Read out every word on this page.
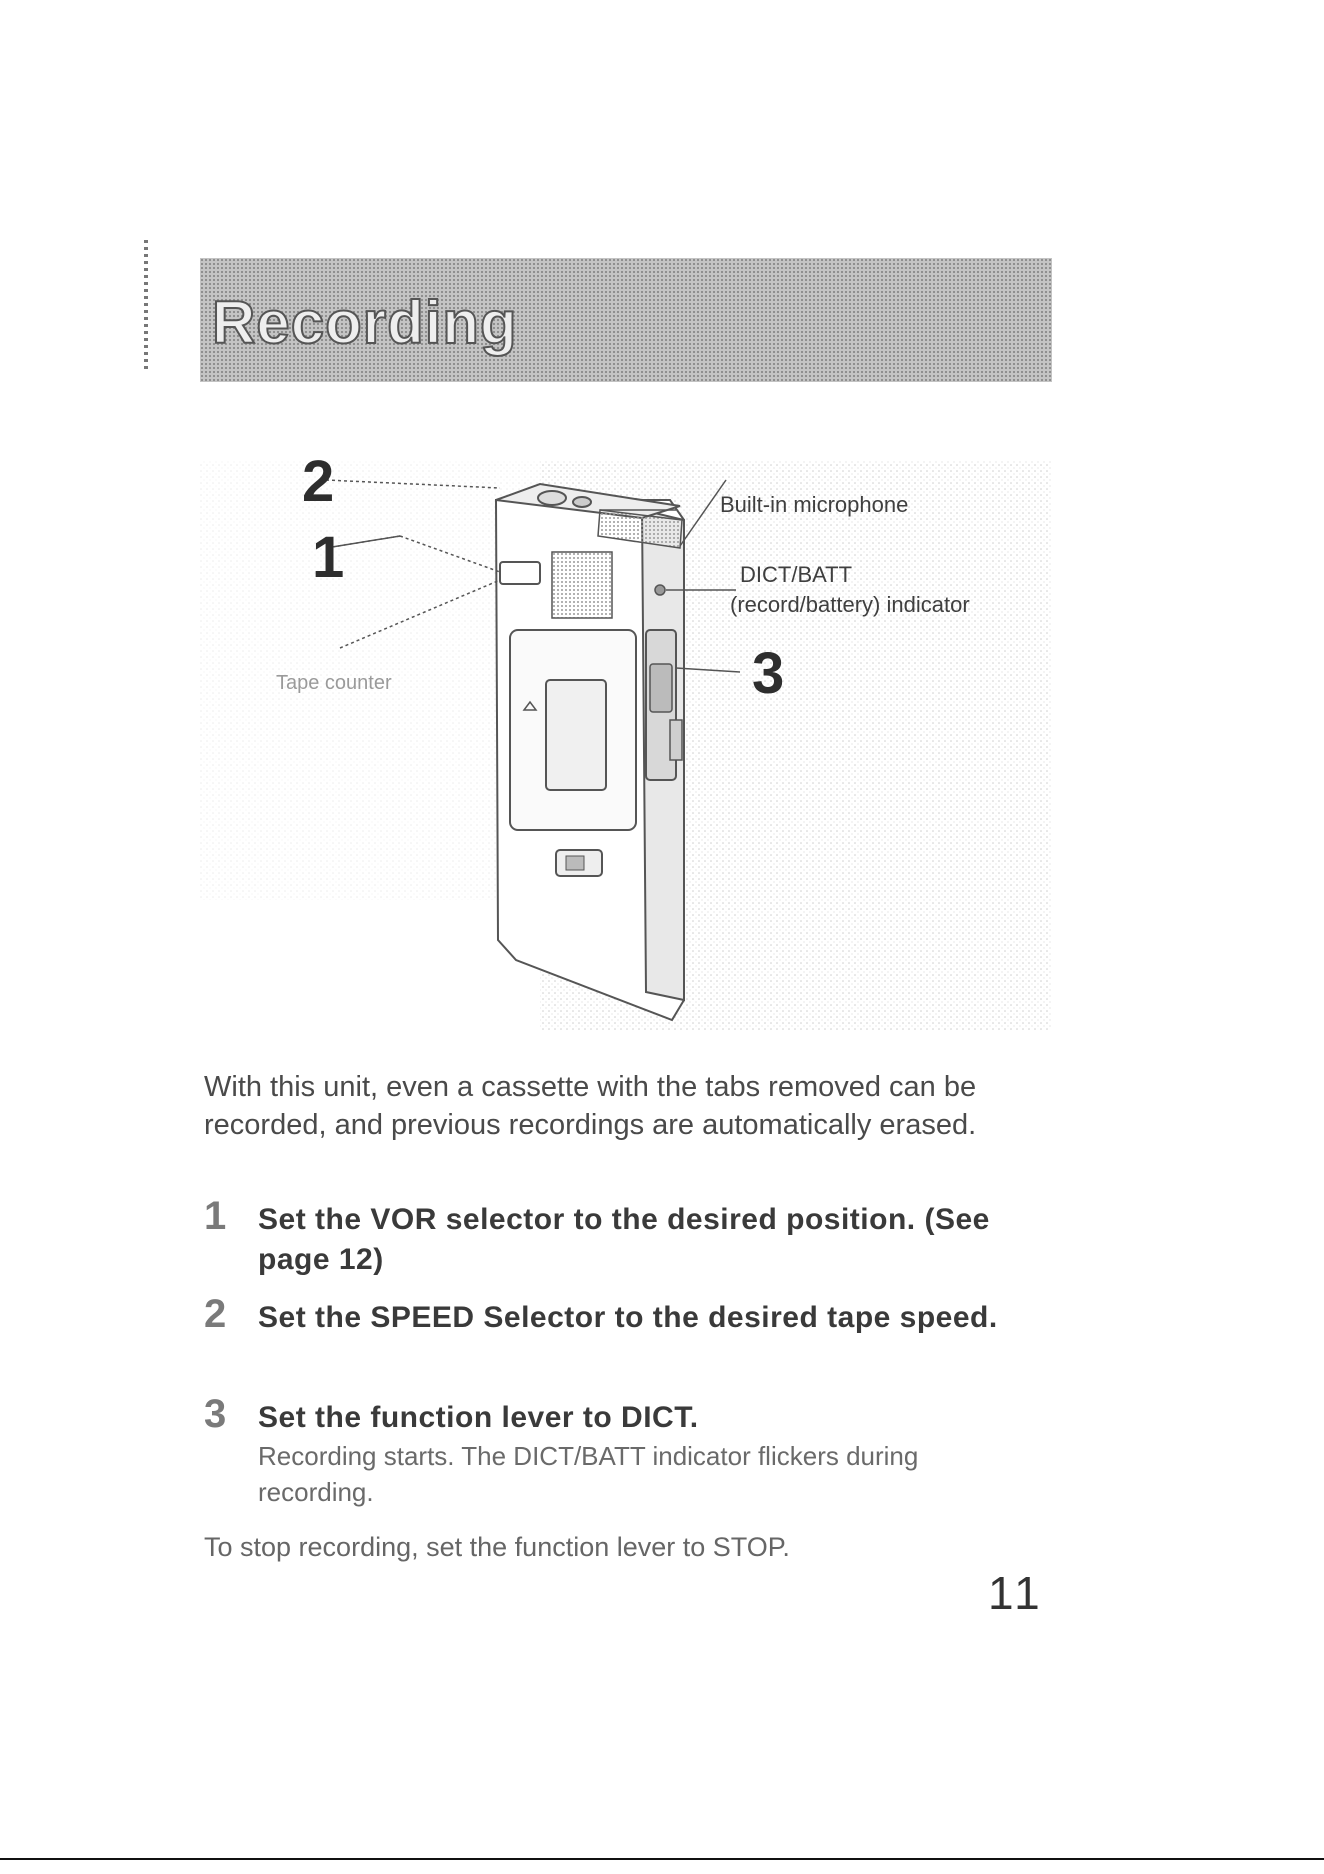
Recording
2
1
3
Built-in microphone
DICT/BATT
(record/battery) indicator
Tape counter
With this unit, even a cassette with the tabs removed can be recorded, and previous recordings are automatically erased.
1 Set the VOR selector to the desired position. (See page 12)
2 Set the SPEED Selector to the desired tape speed.
3 Set the function lever to DICT.
Recording starts. The DICT/BATT indicator flickers during recording.
To stop recording, set the function lever to STOP.
11
